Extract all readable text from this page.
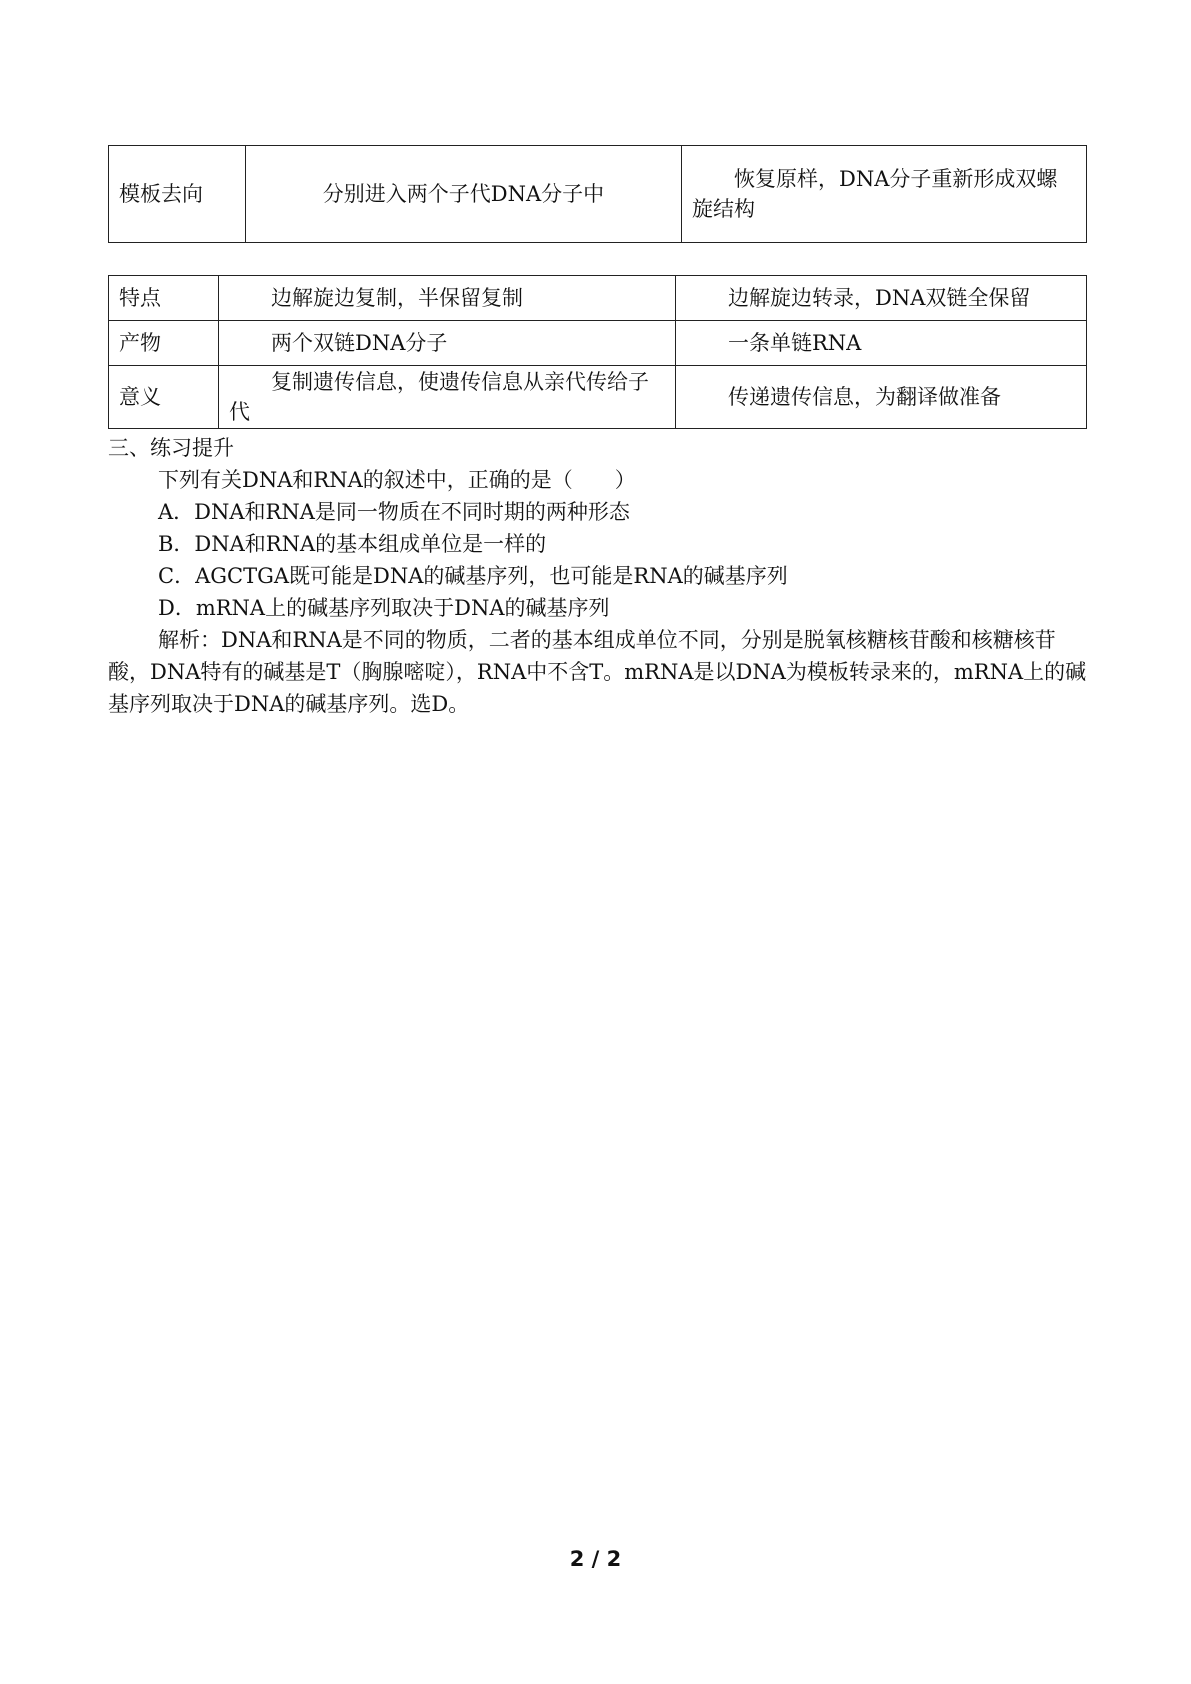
模板去向	分别进入两个子代DNA分子中	恢复原样，DNA分子重新形成双螺旋结构
特点	边解旋边复制，半保留复制	边解旋边转录，DNA双链全保留
产物	两个双链DNA分子	一条单链RNA
意义	复制遗传信息，使遗传信息从亲代传给子代	传递遗传信息，为翻译做准备

三、练习提升

下列有关DNA和RNA的叙述中，正确的是（　　）

A．DNA和RNA是同一物质在不同时期的两种形态

B．DNA和RNA的基本组成单位是一样的

C．AGCTGA既可能是DNA的碱基序列，也可能是RNA的碱基序列

D．mRNA上的碱基序列取决于DNA的碱基序列

解析：DNA和RNA是不同的物质，二者的基本组成单位不同，分别是脱氧核糖核苷酸和核糖核苷酸，DNA特有的碱基是T（胸腺嘧啶），RNA中不含T。mRNA是以DNA为模板转录来的，mRNA上的碱基序列取决于DNA的碱基序列。选D。

2 / 2
